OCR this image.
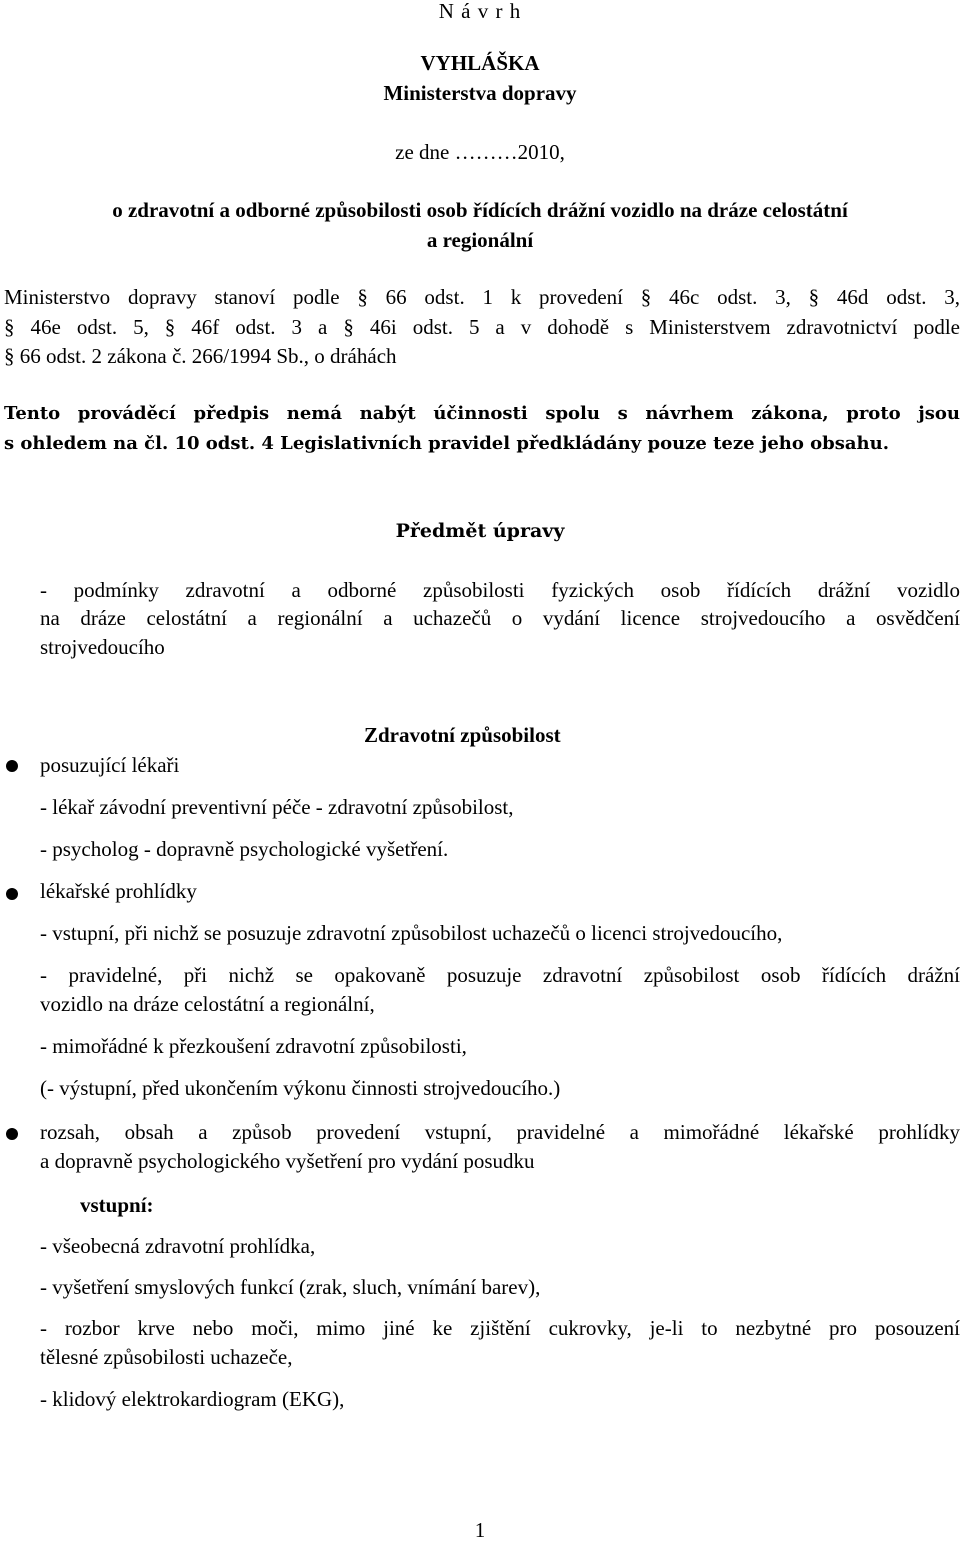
N á v r h
VYHLÁŠKA
Ministerstva dopravy
ze dne ………2010,
o zdravotní a odborné způsobilosti osob řídících drážní vozidlo na dráze celostátní
a regionální
Ministerstvo dopravy stanoví podle § 66 odst. 1 k provedení § 46c odst. 3, § 46d odst. 3,
§ 46e odst. 5, § 46f odst. 3 a § 46i odst. 5 a v dohodě s Ministerstvem zdravotnictví podle
§ 66 odst. 2 zákona č. 266/1994 Sb., o dráhách
Tento prováděcí předpis nemá nabýt účinnosti spolu s návrhem zákona, proto jsou
s ohledem na čl. 10 odst. 4 Legislativních pravidel předkládány pouze teze jeho obsahu.
Předmět úpravy
- podmínky zdravotní a odborné způsobilosti fyzických osob řídících drážní vozidlo
na dráze celostátní a regionální a uchazečů o vydání licence strojvedoucího a osvědčení
strojvedoucího
Zdravotní způsobilost
posuzující lékaři
- lékař závodní preventivní péče - zdravotní způsobilost,
- psycholog - dopravně psychologické vyšetření.
lékařské prohlídky
- vstupní, při nichž se posuzuje zdravotní způsobilost uchazečů o licenci strojvedoucího,
- pravidelné, při nichž se opakovaně posuzuje zdravotní způsobilost osob řídících drážní
vozidlo na dráze celostátní a regionální,
- mimořádné k přezkoušení zdravotní způsobilosti,
(- výstupní, před ukončením výkonu činnosti strojvedoucího.)
rozsah, obsah a způsob provedení vstupní, pravidelné a mimořádné lékařské prohlídky
a dopravně psychologického vyšetření pro vydání posudku
vstupní:
- všeobecná zdravotní prohlídka,
- vyšetření smyslových funkcí (zrak, sluch, vnímání barev),
- rozbor krve nebo moči, mimo jiné ke zjištění cukrovky, je-li to nezbytné pro posouzení
tělesné způsobilosti uchazeče,
- klidový elektrokardiogram (EKG),
1
